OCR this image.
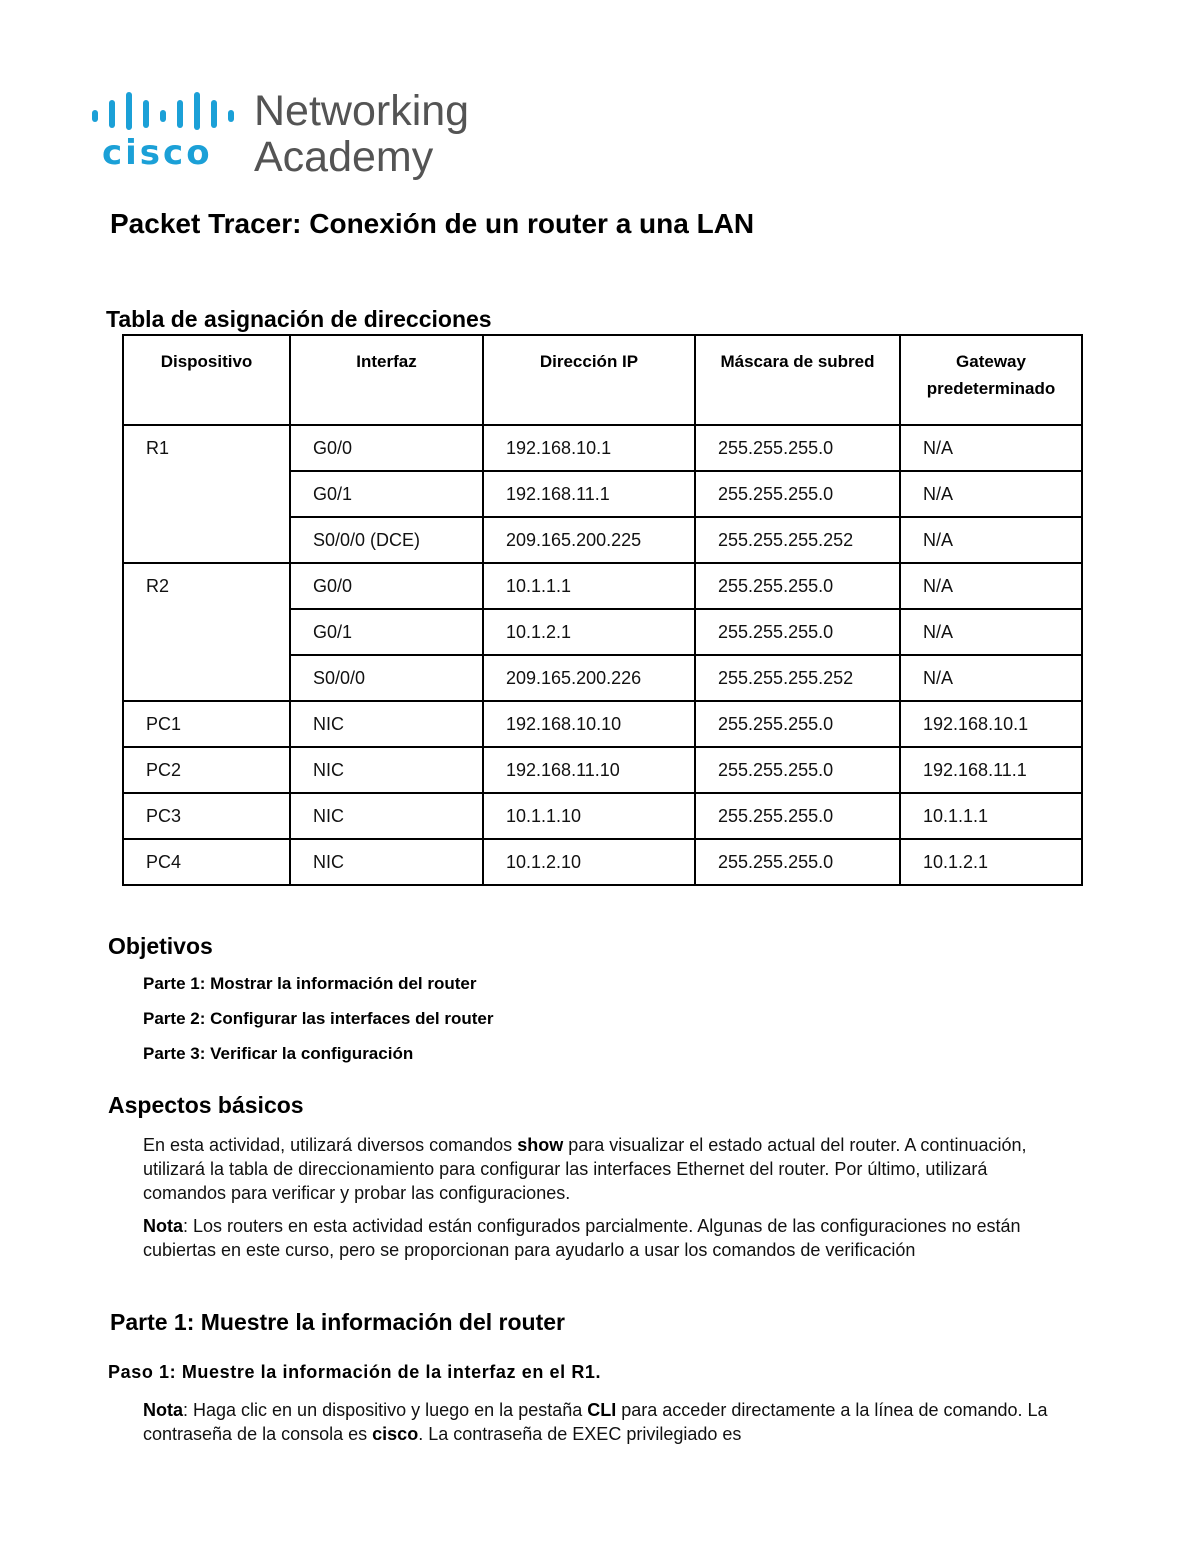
cisco
Networking
Academy
Packet Tracer: Conexión de un router a una LAN
Tabla de asignación de direcciones
Dispositivo	Interfaz	Dirección IP	Máscara de subred	Gateway predeterminado
R1	G0/0	192.168.10.1	255.255.255.0	N/A
	G0/1	192.168.11.1	255.255.255.0	N/A
	S0/0/0 (DCE)	209.165.200.225	255.255.255.252	N/A
R2	G0/0	10.1.1.1	255.255.255.0	N/A
	G0/1	10.1.2.1	255.255.255.0	N/A
	S0/0/0	209.165.200.226	255.255.255.252	N/A
PC1	NIC	192.168.10.10	255.255.255.0	192.168.10.1
PC2	NIC	192.168.11.10	255.255.255.0	192.168.11.1
PC3	NIC	10.1.1.10	255.255.255.0	10.1.1.1
PC4	NIC	10.1.2.10	255.255.255.0	10.1.2.1
Objetivos
Parte 1: Mostrar la información del router
Parte 2: Configurar las interfaces del router
Parte 3: Verificar la configuración
Aspectos básicos

En esta actividad, utilizará diversos comandos show para visualizar el estado actual del router. A continuación, utilizará la tabla de direccionamiento para configurar las interfaces Ethernet del router. Por último, utilizará comandos para verificar y probar las configuraciones.

Nota: Los routers en esta actividad están configurados parcialmente. Algunas de las configuraciones no están cubiertas en este curso, pero se proporcionan para ayudarlo a usar los comandos de verificación

Parte 1: Muestre la información del router
Paso 1: Muestre la información de la interfaz en el R1.

Nota: Haga clic en un dispositivo y luego en la pestaña CLI para acceder directamente a la línea de comando. La contraseña de la consola es cisco. La contraseña de EXEC privilegiado es
